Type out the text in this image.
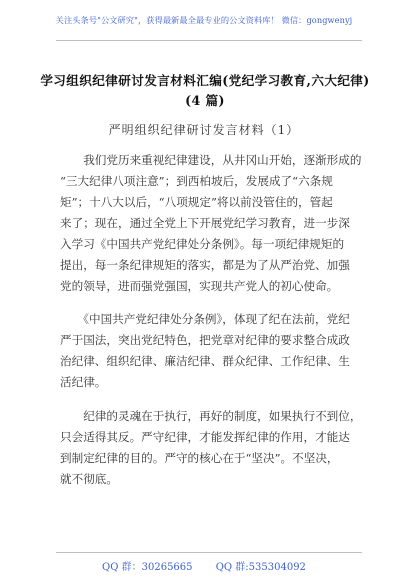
关注头条号"公文研究"，获得最新最全最专业的公文资料库！ 微信：gongwenyj
学习组织纪律研讨发言材料汇编(党纪学习教育,六大纪律)
(4 篇)
严明组织纪律研讨发言材料（1）
　　我们党历来重视纪律建设，从井冈山开始，逐渐形成的
“三大纪律八项注意”；到西柏坡后，发展成了“六条规
矩”；十八大以后，“八项规定”将以前没管住的，管起
来了；现在，通过全党上下开展党纪学习教育，进一步深
入学习《中国共产党纪律处分条例》。每一项纪律规矩的
提出，每一条纪律规矩的落实，都是为了从严治党、加强
党的领导，进而强党强国，实现共产党人的初心使命。
　　《中国共产党纪律处分条例》，体现了纪在法前，党纪
严于国法，突出党纪特色，把党章对纪律的要求整合成政
治纪律、组织纪律、廉洁纪律、群众纪律、工作纪律、生
活纪律。
　　纪律的灵魂在于执行，再好的制度，如果执行不到位，
只会适得其反。严守纪律，才能发挥纪律的作用，才能达
到制定纪律的目的。严守的核心在于“坚决”。不坚决，
就不彻底。
QQ 群：30265665 QQ 群:535304092
